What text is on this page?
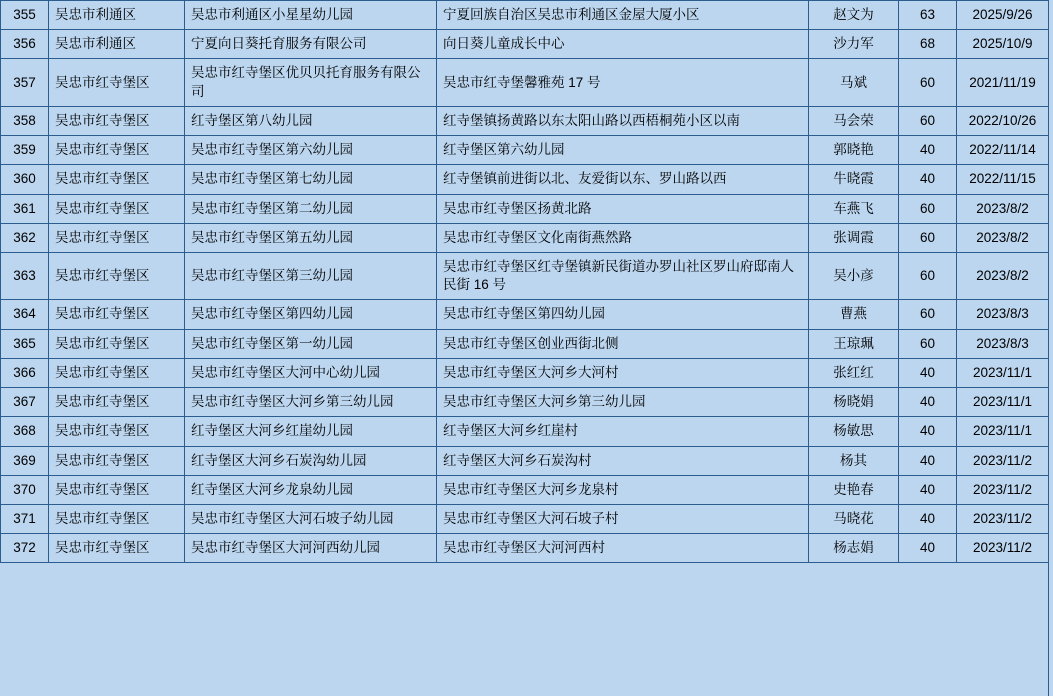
355	吴忠市利通区	吴忠市利通区小星星幼儿园	宁夏回族自治区吴忠市利通区金屋大厦小区	赵文为	63	2025/9/26
356	吴忠市利通区	宁夏向日葵托育服务有限公司	向日葵儿童成长中心	沙力军	68	2025/10/9
357	吴忠市红寺堡区	吴忠市红寺堡区优贝贝托育服务有限公司	吴忠市红寺堡馨雅苑 17 号	马斌	60	2021/11/19
358	吴忠市红寺堡区	红寺堡区第八幼儿园	红寺堡镇扬黄路以东太阳山路以西梧桐苑小区以南	马会荣	60	2022/10/26
359	吴忠市红寺堡区	吴忠市红寺堡区第六幼儿园	红寺堡区第六幼儿园	郭晓艳	40	2022/11/14
360	吴忠市红寺堡区	吴忠市红寺堡区第七幼儿园	红寺堡镇前进街以北、友爱街以东、罗山路以西	牛晓霞	40	2022/11/15
361	吴忠市红寺堡区	吴忠市红寺堡区第二幼儿园	吴忠市红寺堡区扬黄北路	车燕飞	60	2023/8/2
362	吴忠市红寺堡区	吴忠市红寺堡区第五幼儿园	吴忠市红寺堡区文化南街燕然路	张调霞	60	2023/8/2
363	吴忠市红寺堡区	吴忠市红寺堡区第三幼儿园	吴忠市红寺堡区红寺堡镇新民街道办罗山社区罗山府邸南人民街 16 号	吴小彦	60	2023/8/2
364	吴忠市红寺堡区	吴忠市红寺堡区第四幼儿园	吴忠市红寺堡区第四幼儿园	曹燕	60	2023/8/3
365	吴忠市红寺堡区	吴忠市红寺堡区第一幼儿园	吴忠市红寺堡区创业西街北侧	王琼珮	60	2023/8/3
366	吴忠市红寺堡区	吴忠市红寺堡区大河中心幼儿园	吴忠市红寺堡区大河乡大河村	张红红	40	2023/11/1
367	吴忠市红寺堡区	吴忠市红寺堡区大河乡第三幼儿园	吴忠市红寺堡区大河乡第三幼儿园	杨晓娟	40	2023/11/1
368	吴忠市红寺堡区	红寺堡区大河乡红崖幼儿园	红寺堡区大河乡红崖村	杨敏思	40	2023/11/1
369	吴忠市红寺堡区	红寺堡区大河乡石炭沟幼儿园	红寺堡区大河乡石炭沟村	杨其	40	2023/11/2
370	吴忠市红寺堡区	红寺堡区大河乡龙泉幼儿园	吴忠市红寺堡区大河乡龙泉村	史艳春	40	2023/11/2
371	吴忠市红寺堡区	吴忠市红寺堡区大河石坡子幼儿园	吴忠市红寺堡区大河石坡子村	马晓花	40	2023/11/2
372	吴忠市红寺堡区	吴忠市红寺堡区大河河西幼儿园	吴忠市红寺堡区大河河西村	杨志娟	40	2023/11/2
